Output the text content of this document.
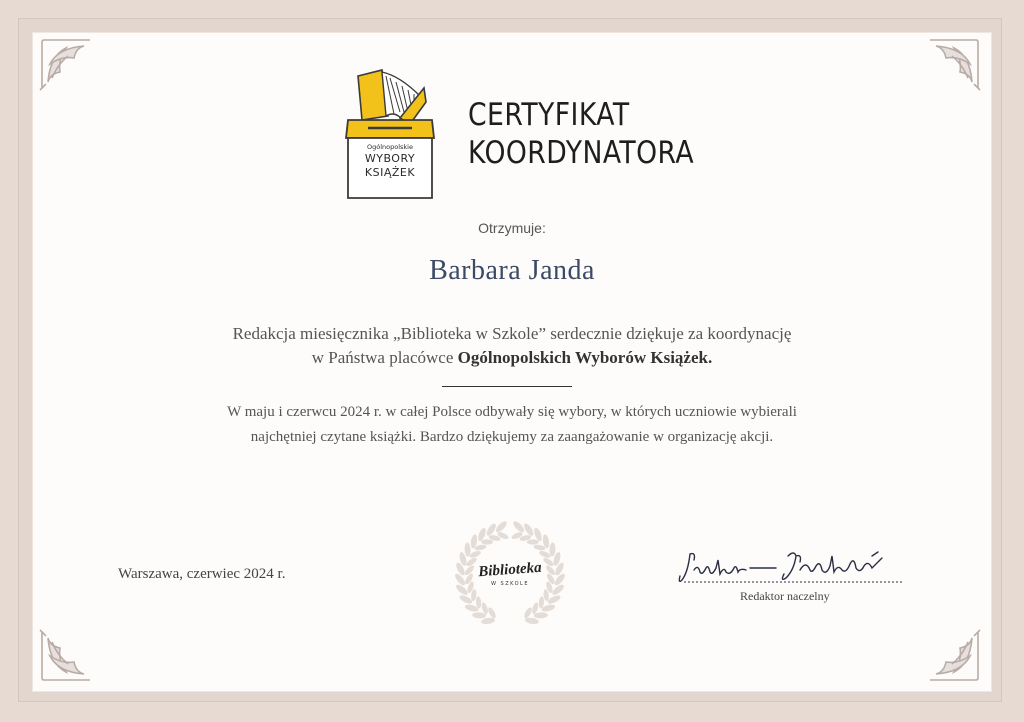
Ogólnopolskie
WYBORY
KSIĄŻEK
CERTYFIKAT
KOORDYNATORA
Otrzymuje:
Barbara Janda
Redakcja miesięcznika „Biblioteka w Szkole” serdecznie dziękuje za koordynację
w Państwa placówce Ogólnopolskich Wyborów Książek.
W maju i czerwcu 2024 r. w całej Polsce odbywały się wybory, w których uczniowie wybierali
najchętniej czytane książki. Bardzo dziękujemy za zaangażowanie w organizację akcji.
Warszawa, czerwiec 2024 r.	Biblioteka
W SZKOLE
Redaktor naczelny
